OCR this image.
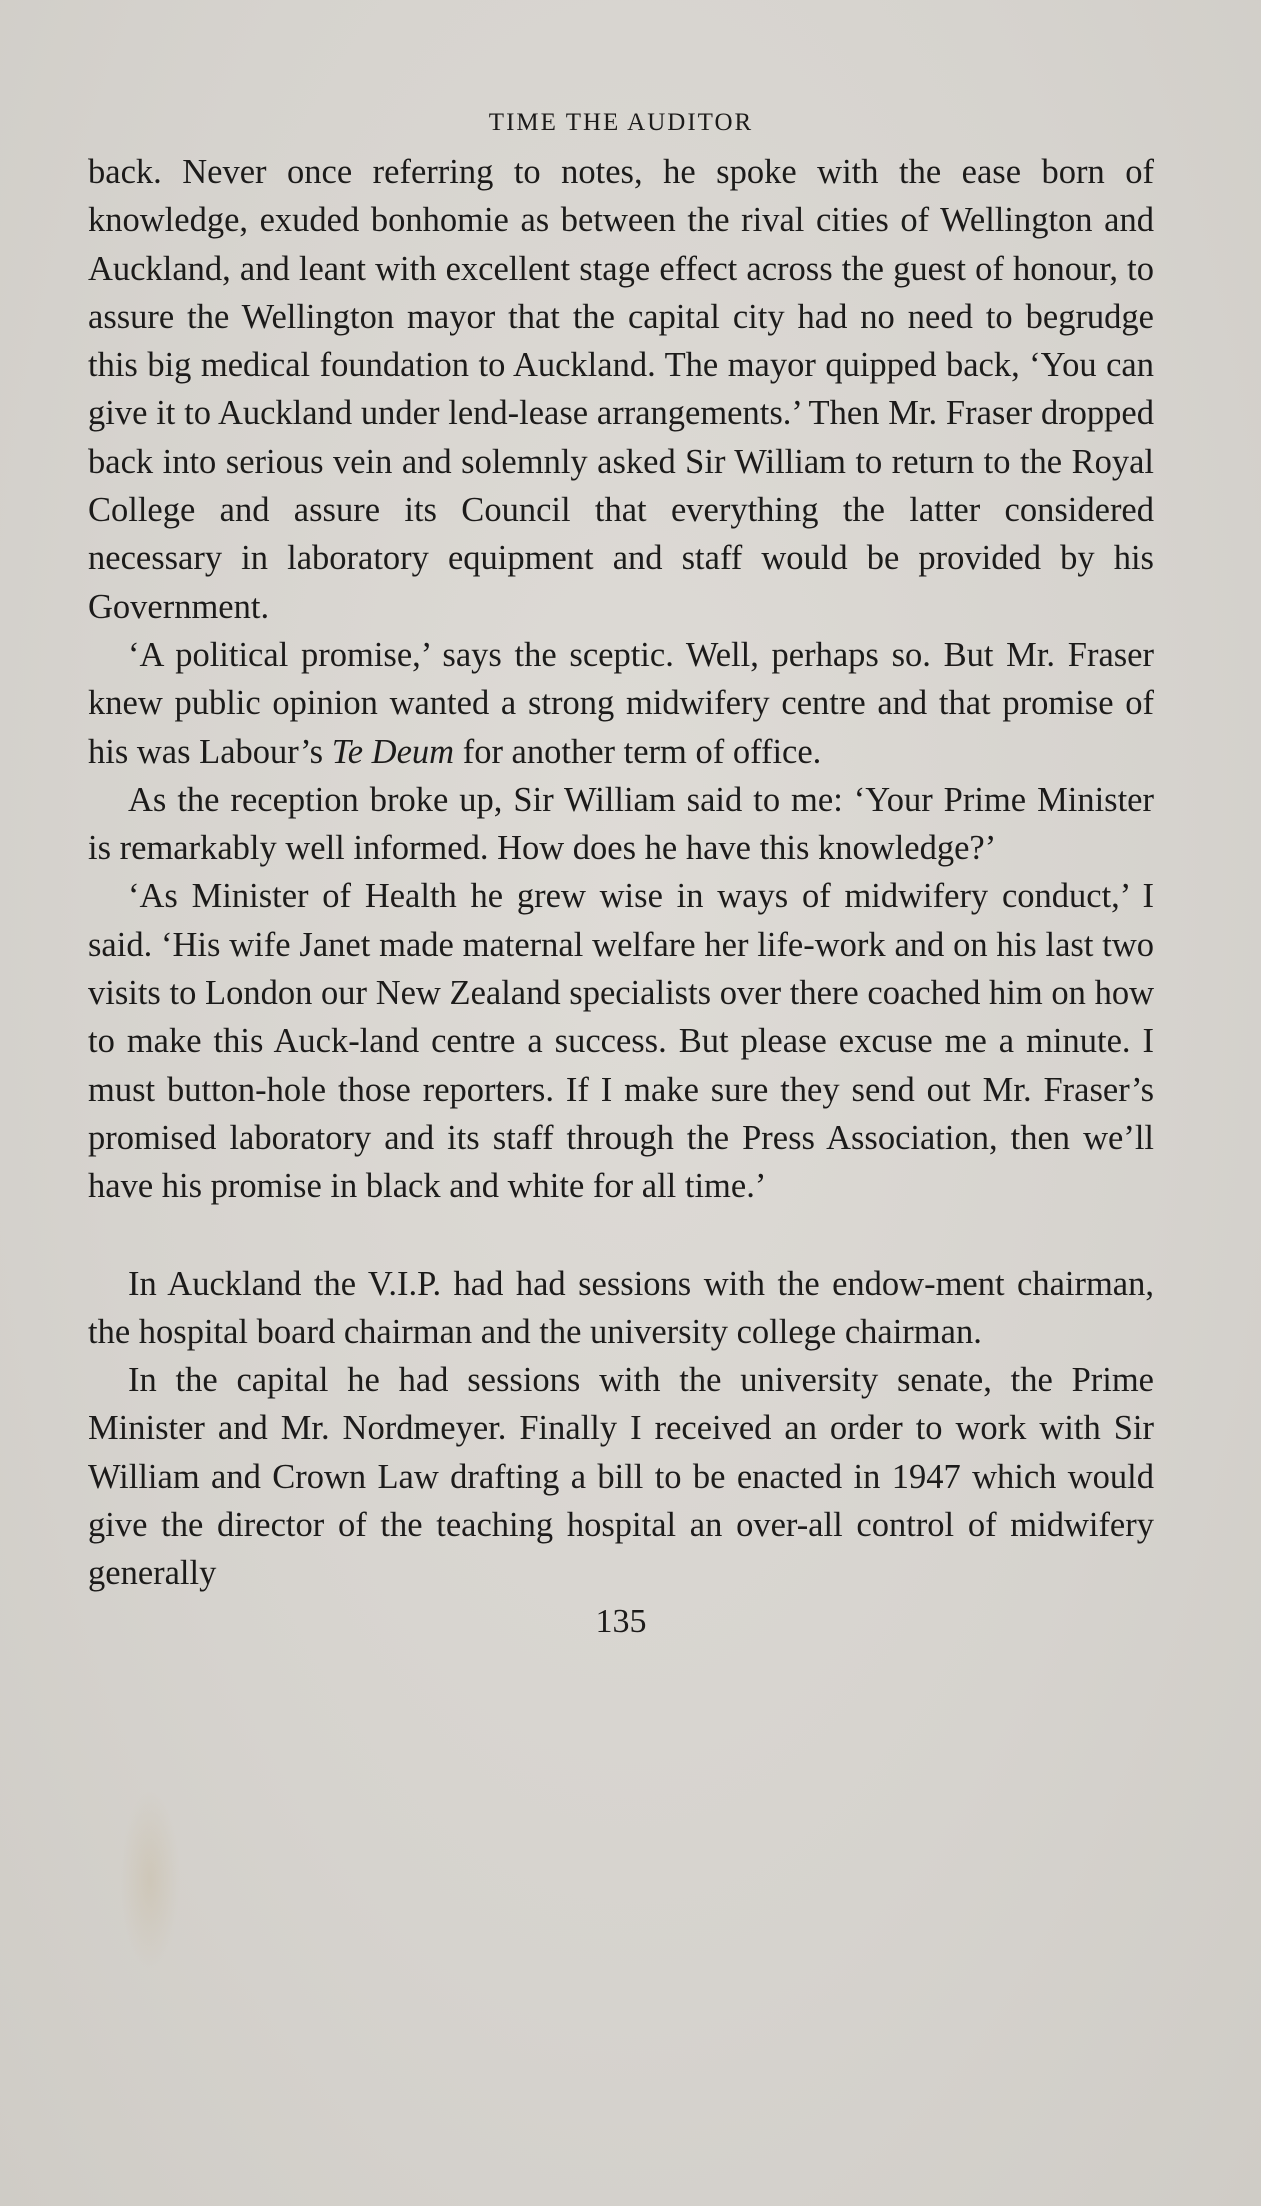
TIME THE AUDITOR

back. Never once referring to notes, he spoke with the ease born of knowledge, exuded bonhomie as between the rival cities of Wellington and Auckland, and leant with excellent stage effect across the guest of honour, to assure the Wellington mayor that the capital city had no need to begrudge this big medical foundation to Auckland. The mayor quipped back, ‘You can give it to Auckland under lend-lease arrangements.’ Then Mr. Fraser dropped back into serious vein and solemnly asked Sir William to return to the Royal College and assure its Council that everything the latter considered necessary in laboratory equipment and staff would be provided by his Government.

‘A political promise,’ says the sceptic. Well, perhaps so. But Mr. Fraser knew public opinion wanted a strong midwifery centre and that promise of his was Labour’s Te Deum for another term of office.

As the reception broke up, Sir William said to me: ‘Your Prime Minister is remarkably well informed. How does he have this knowledge?’

‘As Minister of Health he grew wise in ways of midwifery conduct,’ I said. ‘His wife Janet made maternal welfare her life-work and on his last two visits to London our New Zealand specialists over there coached him on how to make this Auck-land centre a success. But please excuse me a minute. I must button-hole those reporters. If I make sure they send out Mr. Fraser’s promised laboratory and its staff through the Press Association, then we’ll have his promise in black and white for all time.’

In Auckland the V.I.P. had had sessions with the endow-ment chairman, the hospital board chairman and the university college chairman.

In the capital he had sessions with the university senate, the Prime Minister and Mr. Nordmeyer. Finally I received an order to work with Sir William and Crown Law drafting a bill to be enacted in 1947 which would give the director of the teaching hospital an over-all control of midwifery generally

135
